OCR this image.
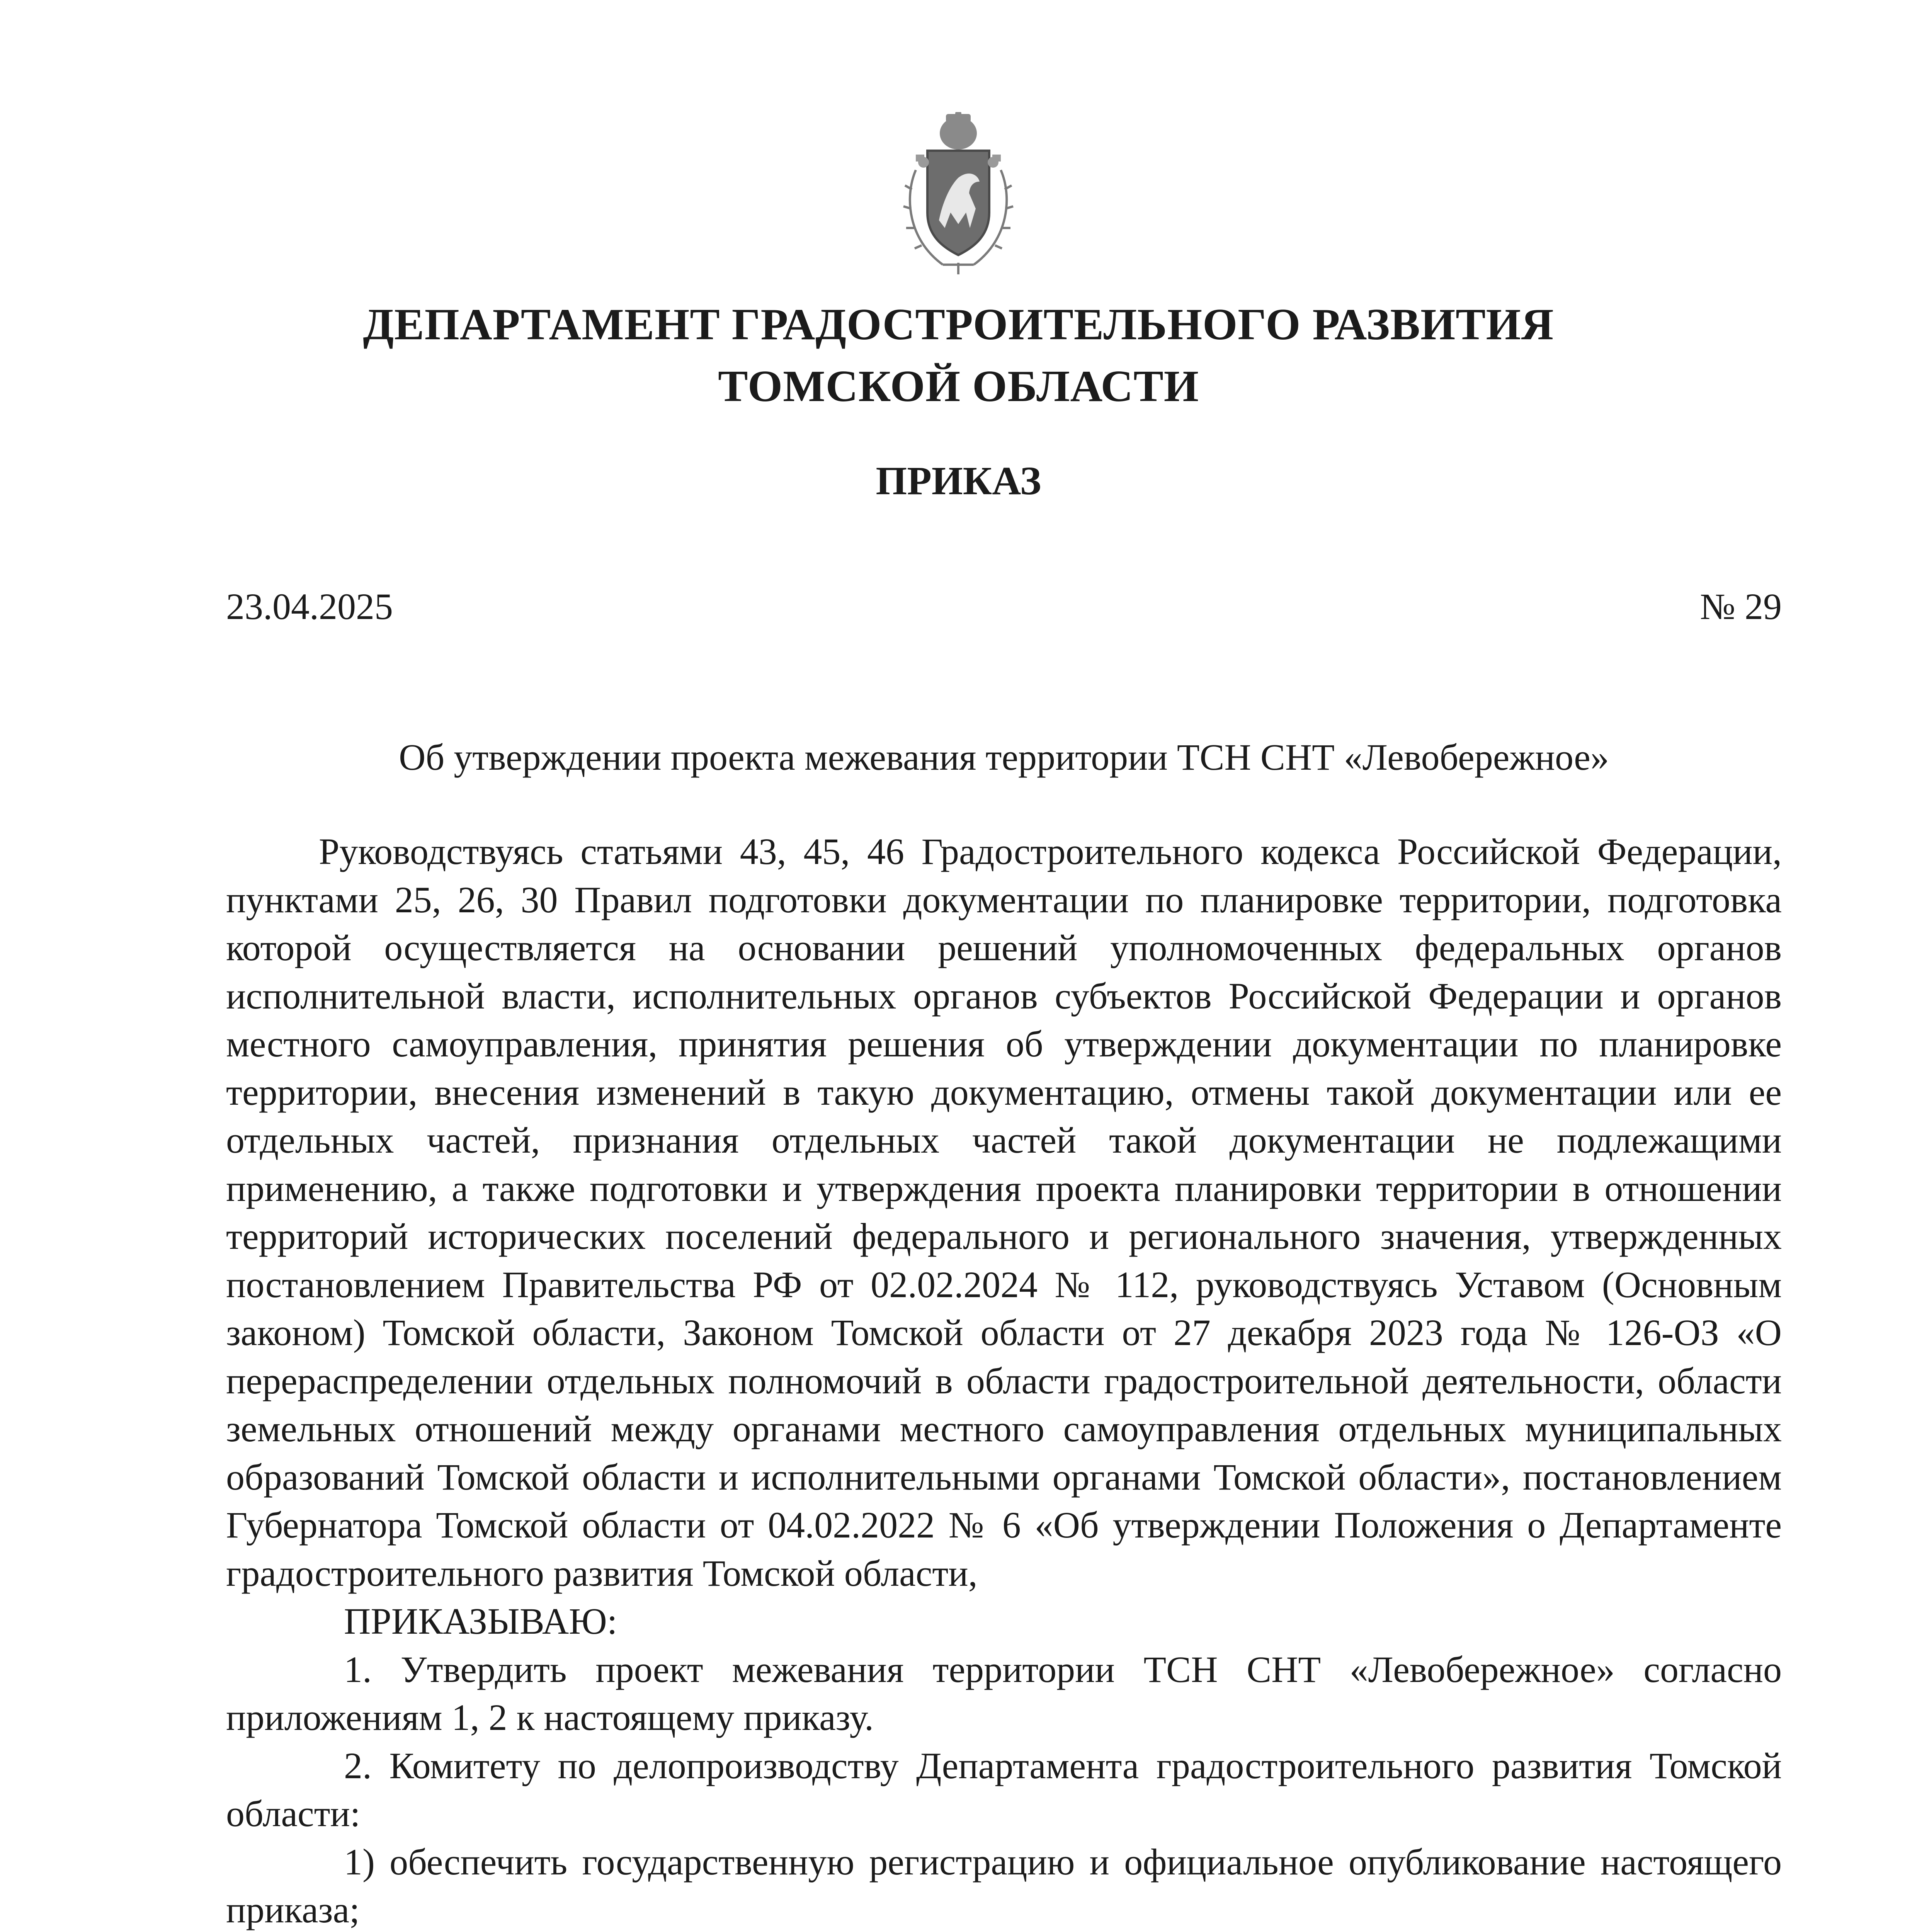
ДЕПАРТАМЕНТ ГРАДОСТРОИТЕЛЬНОГО РАЗВИТИЯ
ТОМСКОЙ ОБЛАСТИ
ПРИКАЗ
23.04.2025	№ 29
Об утверждении проекта межевания территории ТСН СНТ «Левобережное»

Руководствуясь статьями 43, 45, 46 Градостроительного кодекса Российской Федерации, пунктами 25, 26, 30 Правил подготовки документации по планировке территории, подготовка которой осуществляется на основании решений уполномоченных федеральных органов исполнительной власти, исполнительных органов субъектов Российской Федерации и органов местного самоуправления, принятия решения об утверждении документации по планировке территории, внесения изменений в такую документацию, отмены такой документации или ее отдельных частей, признания отдельных частей такой документации не подлежащими применению, а также подготовки и утверждения проекта планировки территории в отношении территорий исторических поселений федерального и регионального значения, утвержденных постановлением Правительства РФ от 02.02.2024 № 112, руководствуясь Уставом (Основным законом) Томской области, Законом Томской области от 27 декабря 2023 года № 126-ОЗ «О перераспределении отдельных полномочий в области градостроительной деятельности, области земельных отношений между органами местного самоуправления отдельных муниципальных образований Томской области и исполнительными органами Томской области», постановлением Губернатора Томской области от 04.02.2022 № 6 «Об утверждении Положения о Департаменте градостроительного развития Томской области,

ПРИКАЗЫВАЮ:

1. Утвердить проект межевания территории ТСН СНТ «Левобережное» согласно приложениям 1, 2 к настоящему приказу.

2. Комитету по делопроизводству Департамента градостроительного развития Томской области:

1) обеспечить государственную регистрацию и официальное опубликование настоящего приказа;
